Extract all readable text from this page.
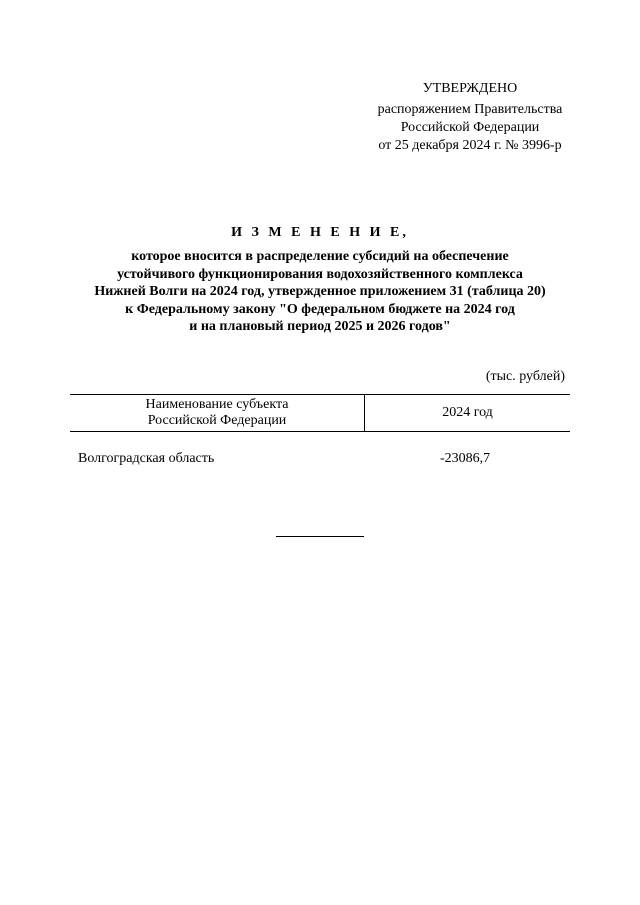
УТВЕРЖДЕНО
распоряжением Правительства
Российской Федерации
от 25 декабря 2024 г. № 3996-р
И З М Е Н Е Н И Е,
которое вносится в распределение субсидий на обеспечение
устойчивого функционирования водохозяйственного комплекса
Нижней Волги на 2024 год, утвержденное приложением 31 (таблица 20)
к Федеральному закону "О федеральном бюджете на 2024 год
и на плановый период 2025 и 2026 годов"
(тыс. рублей)
Наименование субъекта
Российской Федерации
2024 год
Волгоградская область	-23086,7
